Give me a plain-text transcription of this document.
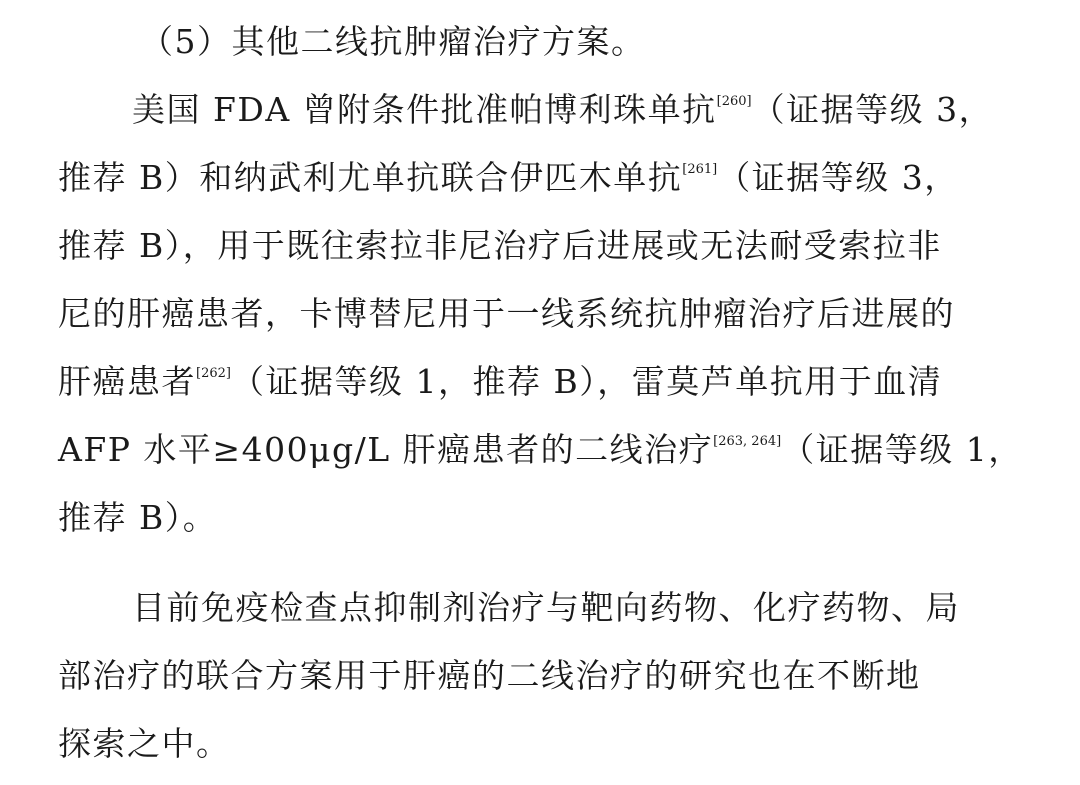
（5）其他二线抗肿瘤治疗方案。
美国 FDA 曾附条件批准帕博利珠单抗[260]（证据等级 3，
推荐 B）和纳武利尤单抗联合伊匹木单抗[261]（证据等级 3，
推荐 B），用于既往索拉非尼治疗后进展或无法耐受索拉非
尼的肝癌患者，卡博替尼用于一线系统抗肿瘤治疗后进展的
肝癌患者[262]（证据等级 1，推荐 B），雷莫芦单抗用于血清
AFP 水平≥400μg/L 肝癌患者的二线治疗[263, 264]（证据等级 1，
推荐 B）。
目前免疫检查点抑制剂治疗与靶向药物、化疗药物、局
部治疗的联合方案用于肝癌的二线治疗的研究也在不断地
探索之中。
